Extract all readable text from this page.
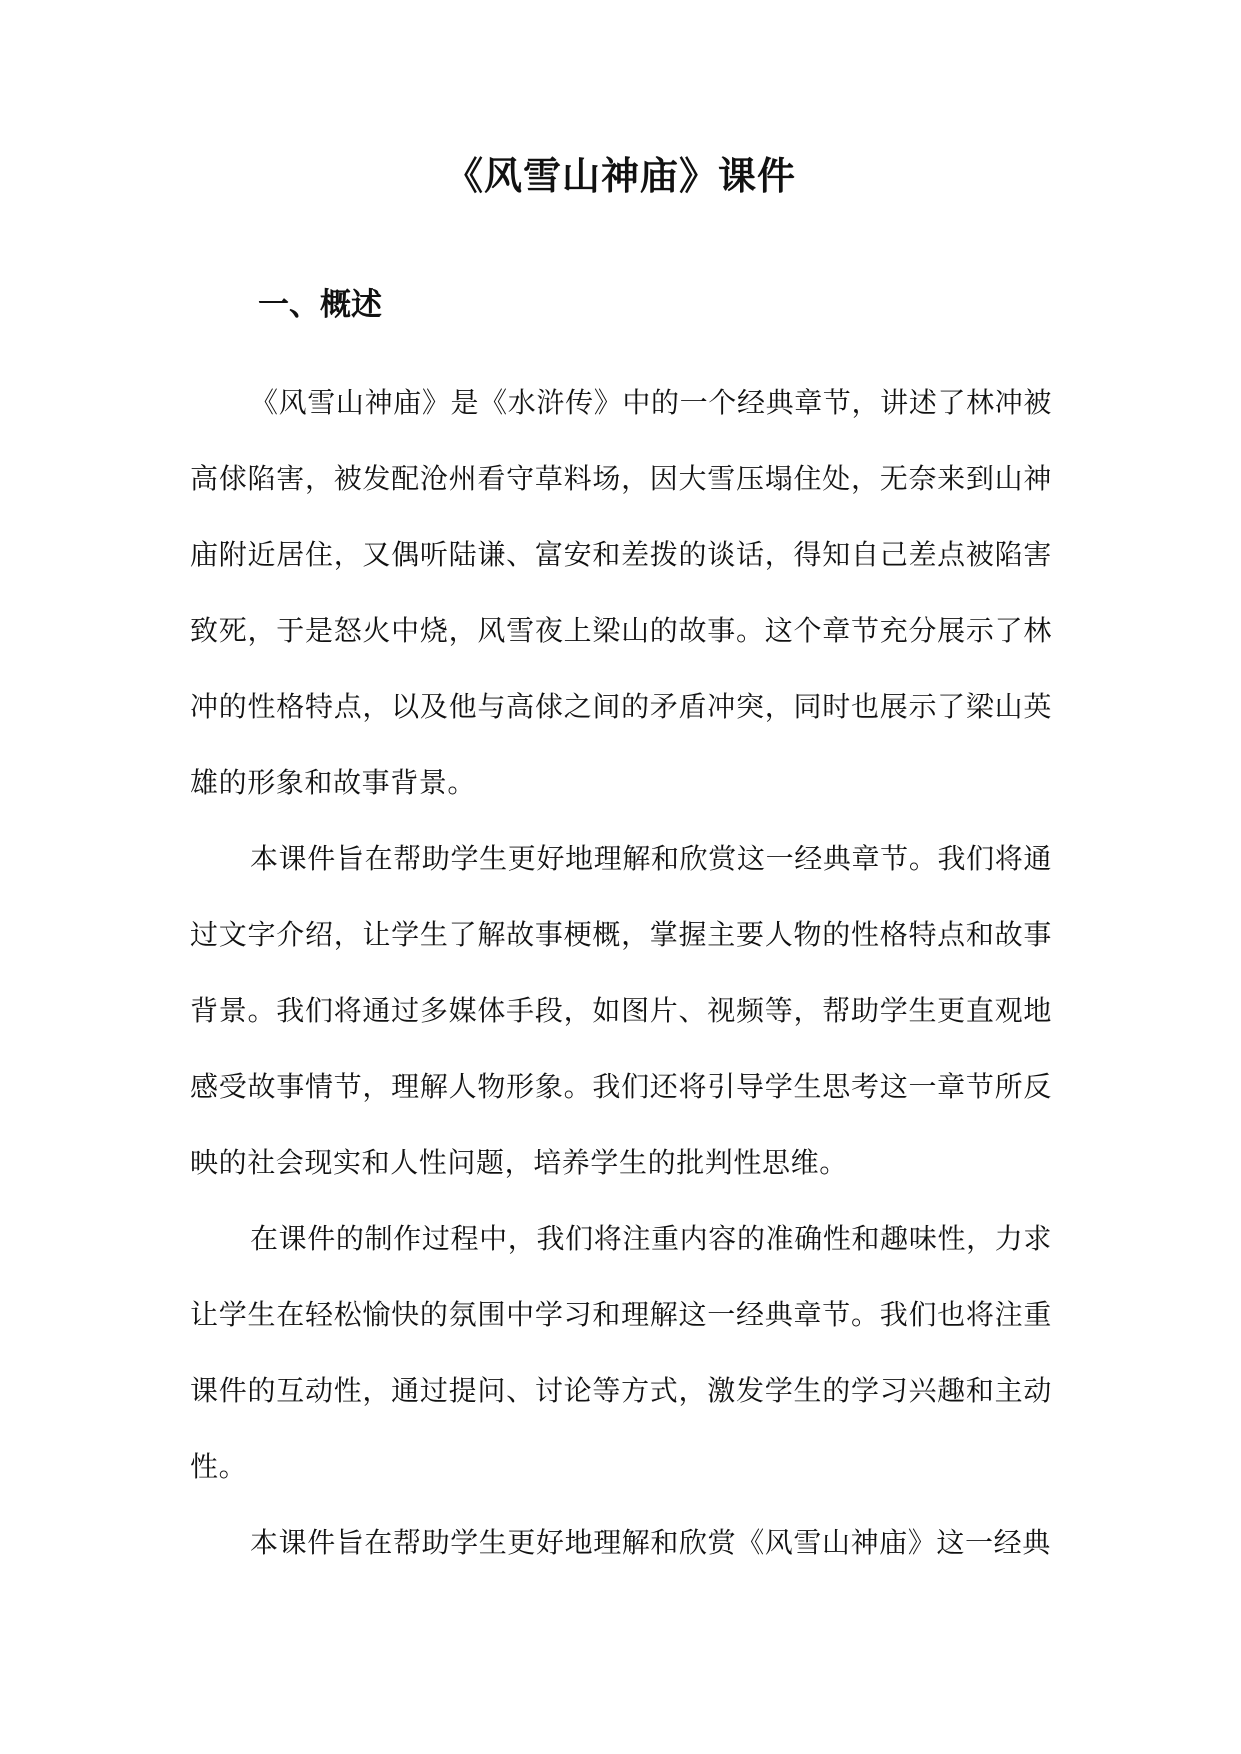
《风雪山神庙》课件
一、概述

《风雪山神庙》是《水浒传》中的一个经典章节，讲述了林冲被高俅陷害，被发配沧州看守草料场，因大雪压塌住处，无奈来到山神庙附近居住，又偶听陆谦、富安和差拨的谈话，得知自己差点被陷害致死，于是怒火中烧，风雪夜上梁山的故事。这个章节充分展示了林冲的性格特点，以及他与高俅之间的矛盾冲突，同时也展示了梁山英雄的形象和故事背景。

本课件旨在帮助学生更好地理解和欣赏这一经典章节。我们将通过文字介绍，让学生了解故事梗概，掌握主要人物的性格特点和故事背景。我们将通过多媒体手段，如图片、视频等，帮助学生更直观地感受故事情节，理解人物形象。我们还将引导学生思考这一章节所反映的社会现实和人性问题，培养学生的批判性思维。

在课件的制作过程中，我们将注重内容的准确性和趣味性，力求让学生在轻松愉快的氛围中学习和理解这一经典章节。我们也将注重课件的互动性，通过提问、讨论等方式，激发学生的学习兴趣和主动性。

本课件旨在帮助学生更好地理解和欣赏《风雪山神庙》这一经典
